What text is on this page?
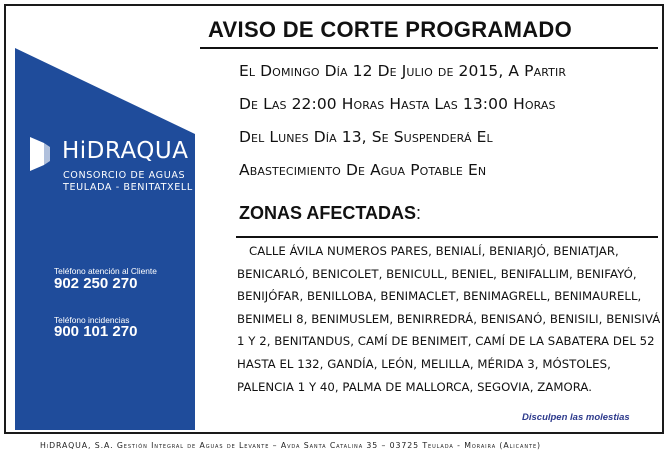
HiDRAQUA
CONSORCIO DE AGUAS
TEULADA - BENITATXELL
Teléfono atención al Cliente
902 250 270
Teléfono incidencias
900 101 270
AVISO DE CORTE PROGRAMADO
El Domingo Día 12 De Julio de 2015, A Partir
De Las 22:00 Horas Hasta Las 13:00 Horas
Del Lunes Día 13, Se Suspenderá El
Abastecimiento De Agua Potable En
ZONAS AFECTADAS:
CALLE ÁVILA NUMEROS PARES, BENIALÍ, BENIARJÓ, BENIATJAR, BENICARLÓ, BENICOLET, BENICULL, BENIEL, BENIFALLIM, BENIFAYÓ, BENIJÓFAR, BENILLOBA, BENIMACLET, BENIMAGRELL, BENIMAURELL, BENIMELI 8, BENIMUSLEM, BENIRREDRÁ, BENISANÓ, BENISILI, BENISIVÁ 1 Y 2, BENITANDUS, CAMÍ DE BENIMEIT, CAMÍ DE LA SABATERA DEL 52 HASTA EL 132, GANDÍA, LEÓN, MELILLA, MÉRIDA 3, MÓSTOLES, PALENCIA 1 Y 40, PALMA DE MALLORCA, SEGOVIA, ZAMORA.
Disculpen las molestias
HiDRAQUA, S.A. Gestión Integral de Aguas de Levante – Avda Santa Catalina 35 – 03725 Teulada - Moraira (Alicante)
